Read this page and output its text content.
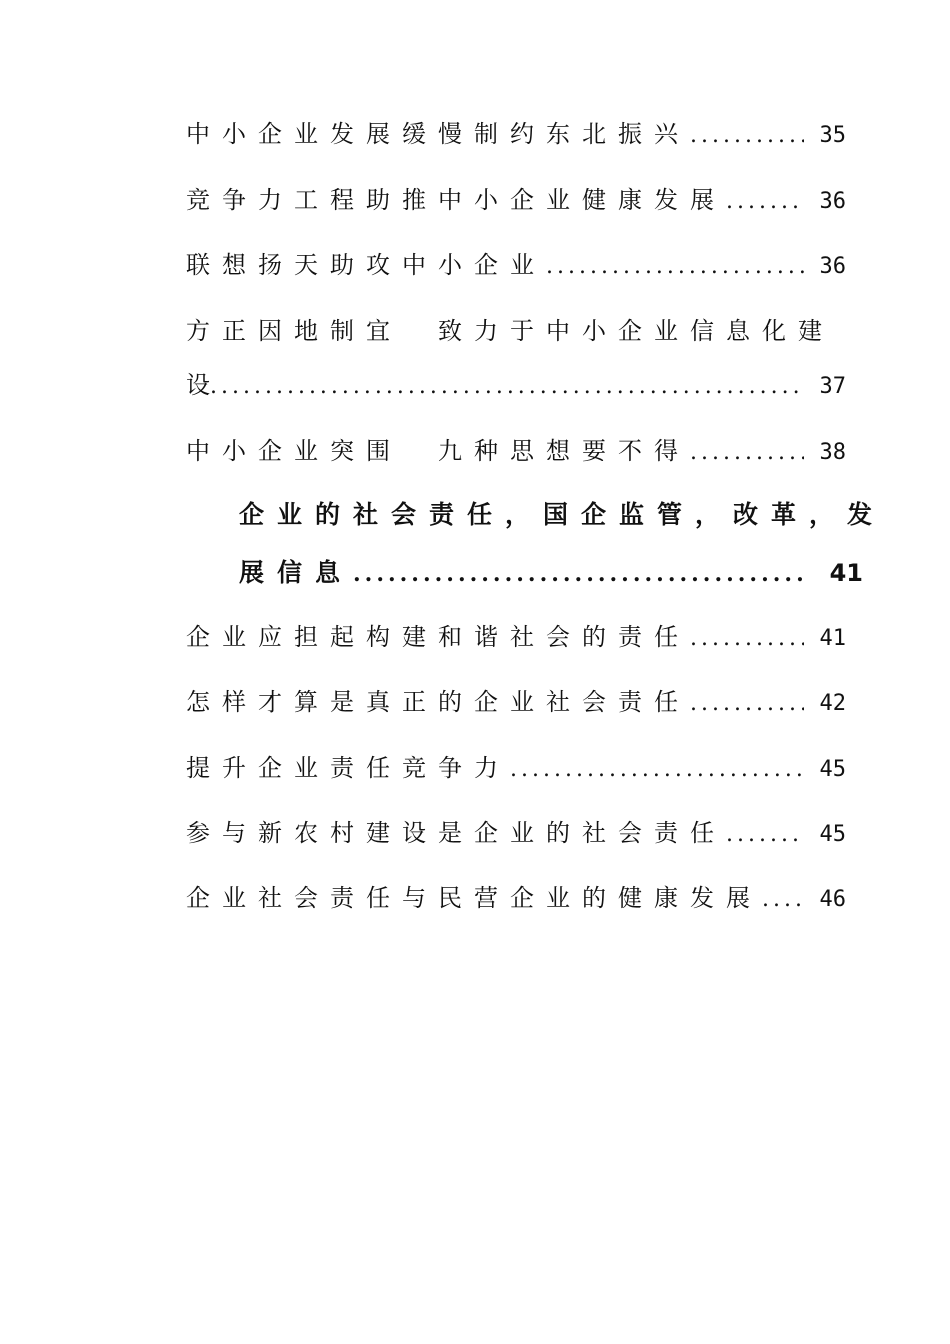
中小企业发展缓慢制约东北振兴 .....	35
竞争力工程助推中小企业健康发展 .....	36
联想扬天助攻中小企业 .....	36
方正因地制宜　致力于中小企业信息化建
设 .....	37
中小企业突围　九种思想要不得 .....	38
企业的社会责任，国企监管，改革，发
展信息 .....	41
企业应担起构建和谐社会的责任 .....	41
怎样才算是真正的企业社会责任 .....	42
提升企业责任竞争力 .....	45
参与新农村建设是企业的社会责任 .....	45
企业社会责任与民营企业的健康发展 .....	46
